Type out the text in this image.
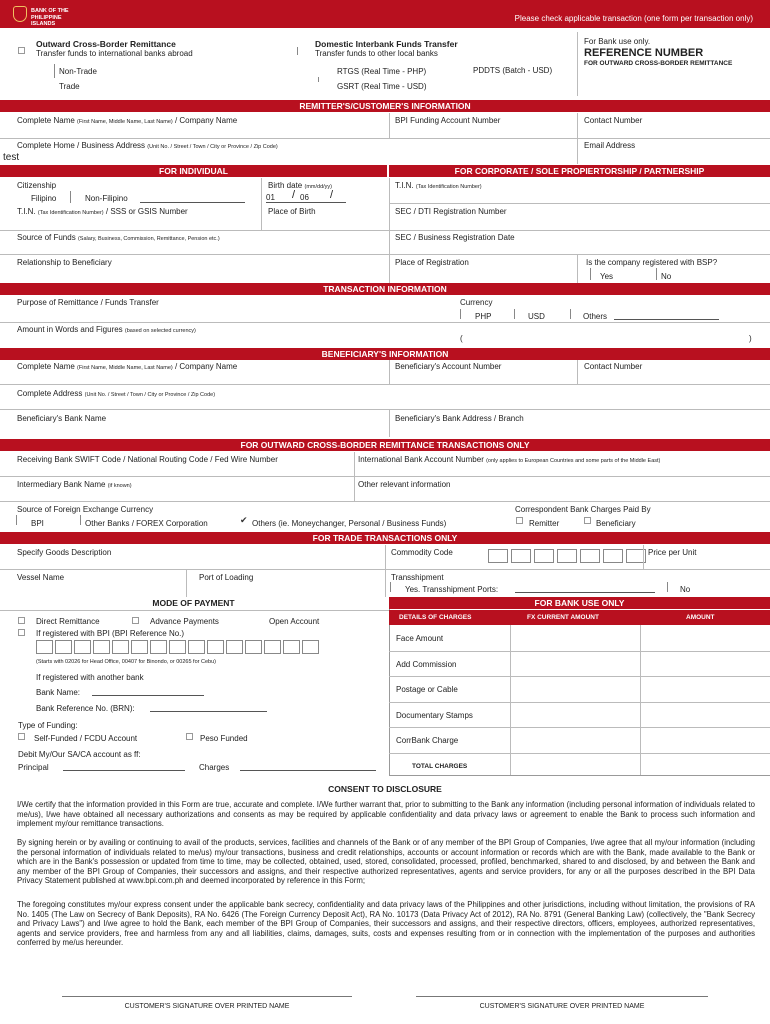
BANK OF THE PHILIPPINE ISLANDS
Please check applicable transaction (one form per transaction only)
Outward Cross-Border Remittance
Transfer funds to international banks abroad
Non-Trade
Trade
Domestic Interbank Funds Transfer
Transfer funds to other local banks
RTGS (Real Time - PHP)	PDDTS (Batch - USD)
GSRT (Real Time - USD)
For Bank use only.
REFERENCE NUMBER
FOR OUTWARD CROSS-BORDER REMITTANCE
REMITTER'S/CUSTOMER'S INFORMATION
Complete Name (First Name, Middle Name, Last Name) / Company Name	BPI Funding Account Number	Contact Number
Complete Home / Business Address (Unit No. / Street / Town / City or Province / Zip Code)	Email Address
test
FOR INDIVIDUAL	FOR CORPORATE / SOLE PROPIERTORSHIP / PARTNERSHIP
Citizenship
Filipino	Non-Filipino
Birth date (mm/dd/yy)
01 / 06 /
T.I.N. (Tax Identification Number) / SSS or GSIS Number	Place of Birth
Source of Funds (Salary, Business, Commission, Remittance, Pension etc.)
Relationship to Beneficiary
T.I.N. (Tax Identification Number)
SEC / DTI Registration Number
SEC / Business Registration Date
Place of Registration	Is the company registered with BSP?
Yes	No
TRANSACTION INFORMATION
Purpose of Remittance / Funds Transfer	Currency
PHP	USD	Others
Amount in Words and Figures (based on selected currency)
(	)
BENEFICIARY'S INFORMATION
Complete Name (First Name, Middle Name, Last Name) / Company Name	Beneficiary's Account Number	Contact Number
Complete Address (Unit No. / Street / Town / City or Province / Zip Code)
Beneficiary's Bank Name	Beneficiary's Bank Address / Branch
FOR OUTWARD CROSS-BORDER REMITTANCE TRANSACTIONS ONLY
Receiving Bank SWIFT Code / National Routing Code / Fed Wire Number	International Bank Account Number (only applies to European Countries and some parts of the Middle East)
Intermediary Bank Name (if known)	Other relevant information
Source of Foreign Exchange Currency
BPI	Other Banks / FOREX Corporation	✔ Others (ie. Moneychanger, Personal / Business Funds)
Correspondent Bank Charges Paid By
Remitter	Beneficiary
FOR TRADE TRANSACTIONS ONLY
Specify Goods Description	Commodity Code	Price per Unit
Vessel Name	Port of Loading	Transshipment
Yes. Transshipment Ports:	No
MODE OF PAYMENT
Direct Remittance	Advance Payments	Open Account
If registered with BPI (BPI Reference No.)
(Starts with 02026 for Head Office, 00407 for Binondo, or 00265 for Cebu)
If registered with another bank
Bank Name:
Bank Reference No. (BRN):
Type of Funding:
Self-Funded / FCDU Account	Peso Funded
Debit My/Our SA/CA account as ff:
Principal	Charges
FOR BANK USE ONLY
DETAILS OF CHARGES	FX CURRENT AMOUNT	AMOUNT
Face Amount
Add Commission
Postage or Cable
Documentary Stamps
CorrBank Charge
TOTAL CHARGES
CONSENT TO DISCLOSURE
I/We certify that the information provided in this Form are true, accurate and complete. I/We further warrant that, prior to submitting to the Bank any information (including personal information of individuals related to me/us), I/we have obtained all necessary authorizations and consents as may be required by applicable confidentiality and data privacy laws or agreement to enable the Bank to process such information and implement my/our remittance transactions.
By signing herein or by availing or continuing to avail of the products, services, facilities and channels of the Bank or of any member of the BPI Group of Companies, I/we agree that all my/our information (including the personal information of individuals related to me/us) my/our transactions, business and credit relationships, accounts or account information or records which are with the Bank, made available to the Bank or which are in the Bank's possession or updated from time to time, may be collected, obtained, used, stored, consolidated, processed, profiled, benchmarked, shared to and disclosed, by and between the Bank and any member of the BPI Group of Companies, their successors and assigns, and their respective authorized representatives, agents and service providers, for any or all the purposes described in the BPI Data Privacy Statement published at www.bpi.com.ph and deemed incorporated by reference in this Form;
The foregoing constitutes my/our express consent under the applicable bank secrecy, confidentiality and data privacy laws of the Philippines and other jurisdictions, including without limitation, the provisions of RA No. 1405 (The Law on Secrecy of Bank Deposits), RA No. 6426 (The Foreign Currency Deposit Act), RA No. 10173 (Data Privacy Act of 2012), RA No. 8791 (General Banking Law) (collectively, the "Bank Secrecy and Privacy Laws") and I/we agree to hold the Bank, each member of the BPI Group of Companies, their successors and assigns, and their respective directors, officers, employees, authorized representatives, agents and service providers, free and harmless from any and all liabilities, claims, damages, suits, costs and expenses resulting from or in connection with the implementation of the purposes and authorities conferred by me/us hereunder.
CUSTOMER'S SIGNATURE OVER PRINTED NAME	CUSTOMER'S SIGNATURE OVER PRINTED NAME
